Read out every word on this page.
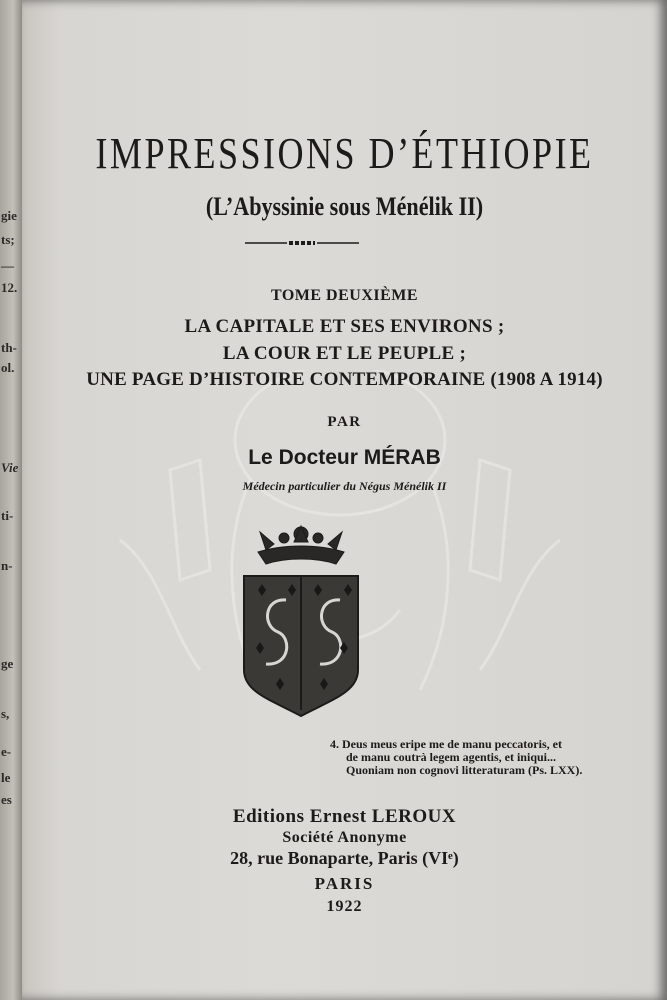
gie
ts;
—
12.
th-
ol.
Vie
ti-
n-
ge
s,
e-
le
es
IMPRESSIONS D’ÉTHIOPIE
(L’Abyssinie sous Ménélik II)
TOME DEUXIÈME
LA CAPITALE ET SES ENVIRONS ;
LA COUR ET LE PEUPLE ;
UNE PAGE D’HISTOIRE CONTEMPORAINE (1908 A 1914)
PAR
Le Docteur MÉRAB
Médecin particulier du Négus Ménélik II
4. Deus meus eripe me de manu peccatoris, et
de manu coutrà legem agentis, et iniqui...
Quoniam non cognovi litteraturam (Ps. LXX).
Editions Ernest LEROUX
Société Anonyme
28, rue Bonaparte, Paris (VIᵉ)
PARIS
1922
